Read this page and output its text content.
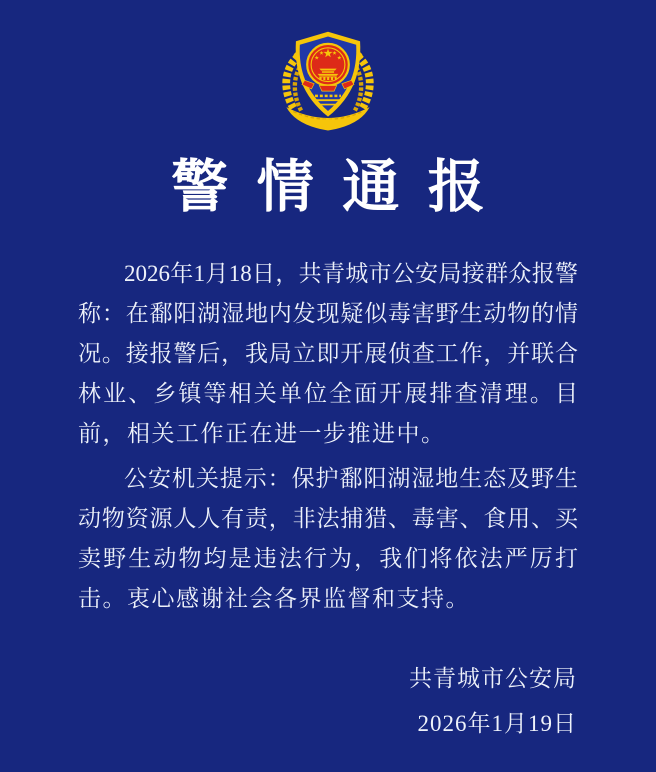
警情通报
2026年1月18日，共青城市公安局接群众报警
称：在鄱阳湖湿地内发现疑似毒害野生动物的情
况。接报警后，我局立即开展侦查工作，并联合
林业、乡镇等相关单位全面开展排查清理。目
前，相关工作正在进一步推进中。
公安机关提示：保护鄱阳湖湿地生态及野生
动物资源人人有责，非法捕猎、毒害、食用、买
卖野生动物均是违法行为，我们将依法严厉打
击。衷心感谢社会各界监督和支持。
共青城市公安局
2026年1月19日
